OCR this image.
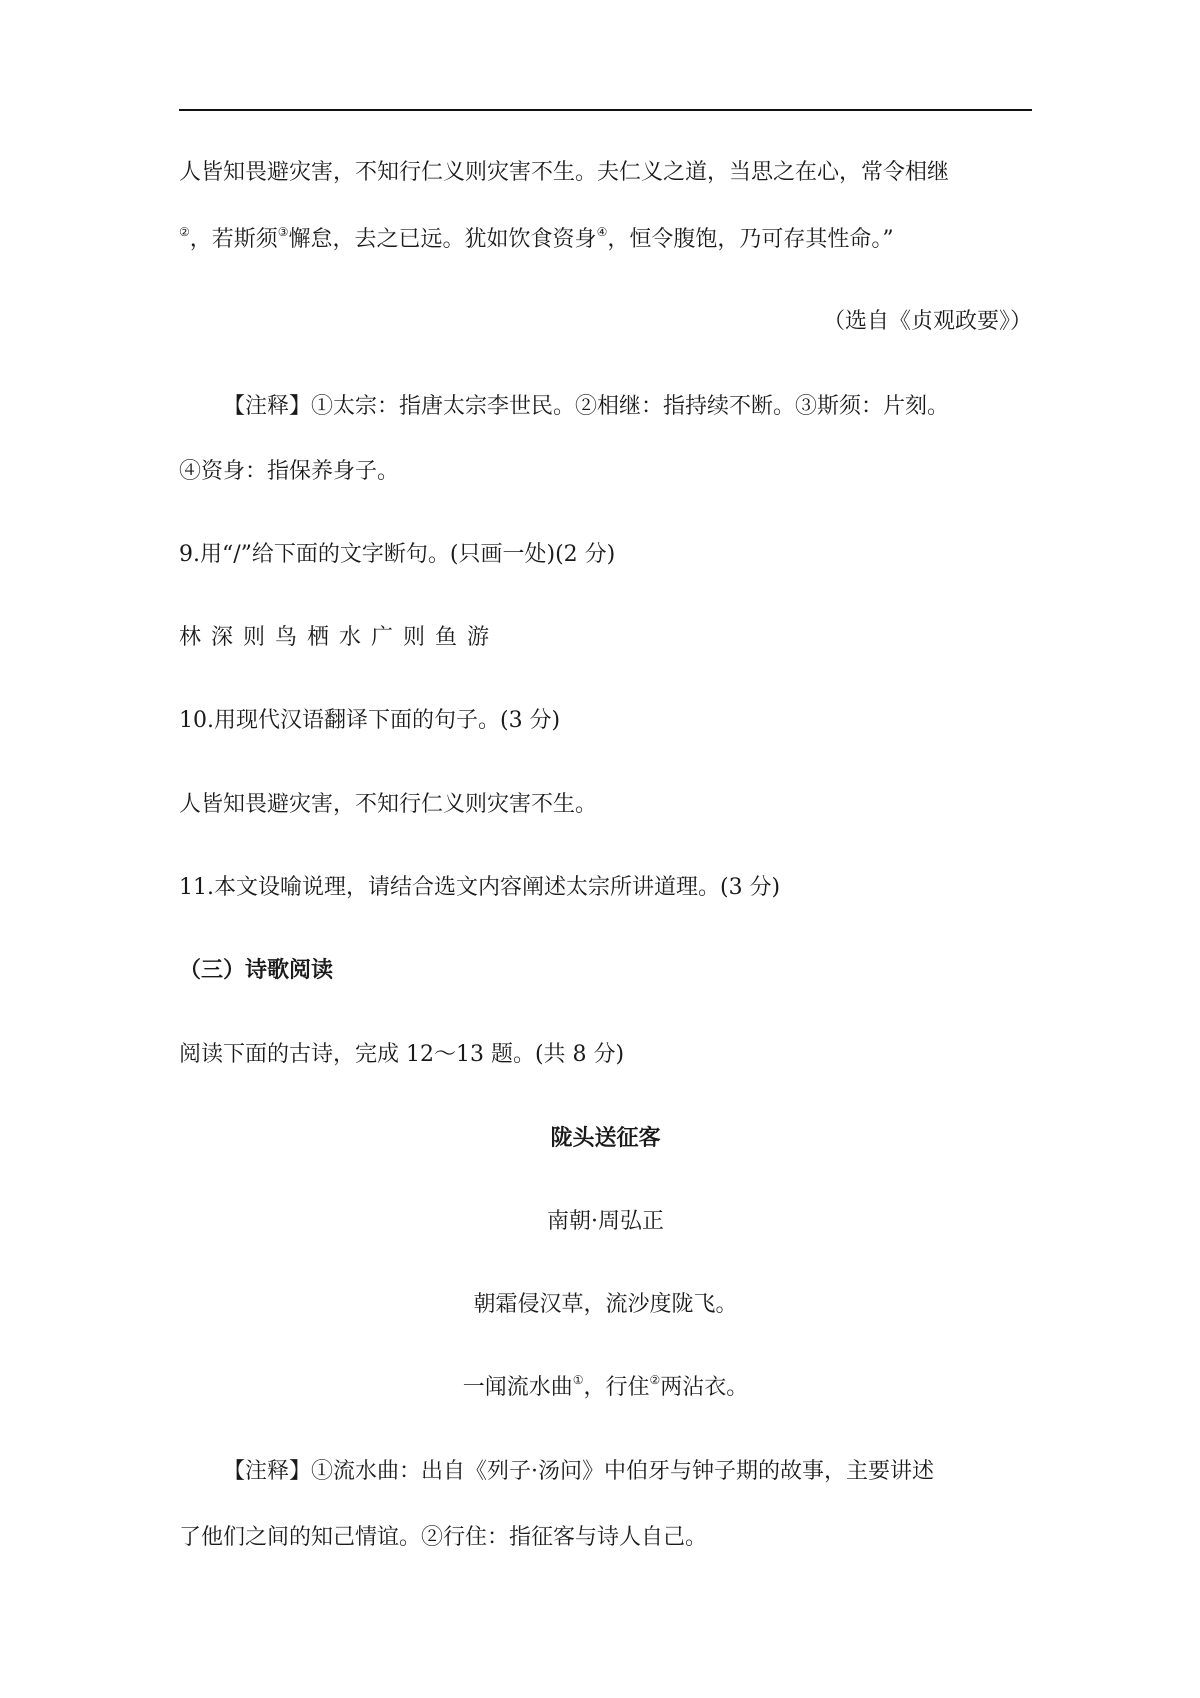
人皆知畏避灾害，不知行仁义则灾害不生。夫仁义之道，当思之在心，常令相继
②，若斯须③懈怠，去之已远。犹如饮食资身④，恒令腹饱，乃可存其性命。”
（选自《贞观政要》）
【注释】①太宗：指唐太宗李世民。②相继：指持续不断。③斯须：片刻。
④资身：指保养身子。
9.用“/”给下面的文字断句。(只画一处)(2 分)
林深则鸟栖水广则鱼游
10.用现代汉语翻译下面的句子。(3 分)
人皆知畏避灾害，不知行仁义则灾害不生。
11.本文设喻说理，请结合选文内容阐述太宗所讲道理。(3 分)
（三）诗歌阅读
阅读下面的古诗，完成 12～13 题。(共 8 分)
陇头送征客
南朝·周弘正
朝霜侵汉草，流沙度陇飞。
一闻流水曲①，行住②两沾衣。
【注释】①流水曲：出自《列子·汤问》中伯牙与钟子期的故事，主要讲述
了他们之间的知己情谊。②行住：指征客与诗人自己。
